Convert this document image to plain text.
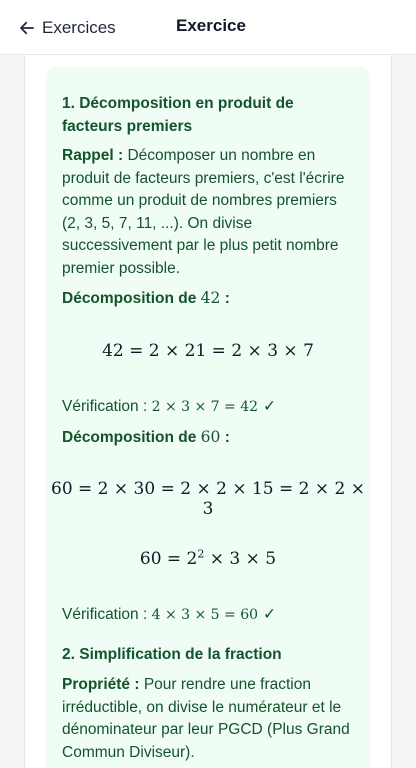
Exercices	Exercice
1. Décomposition en produit de facteurs premiers
Rappel : Décomposer un nombre en produit de facteurs premiers, c'est l'écrire comme un produit de nombres premiers (2, 3, 5, 7, 11, ...). On divise successivement par le plus petit nombre premier possible.
Décomposition de 42 :
42 = 2 × 21 = 2 × 3 × 7
Vérification : 2 × 3 × 7 = 42 ✓
Décomposition de 60 :
60 = 2 × 30 = 2 × 2 × 15 = 2 × 2 × 3
$60 = 2^2 \times 3 \times 5$
Vérification : 4 × 3 × 5 = 60 ✓
2. Simplification de la fraction
Propriété : Pour rendre une fraction irréductible, on divise le numérateur et le dénominateur par leur PGCD (Plus Grand Commun Diviseur).
